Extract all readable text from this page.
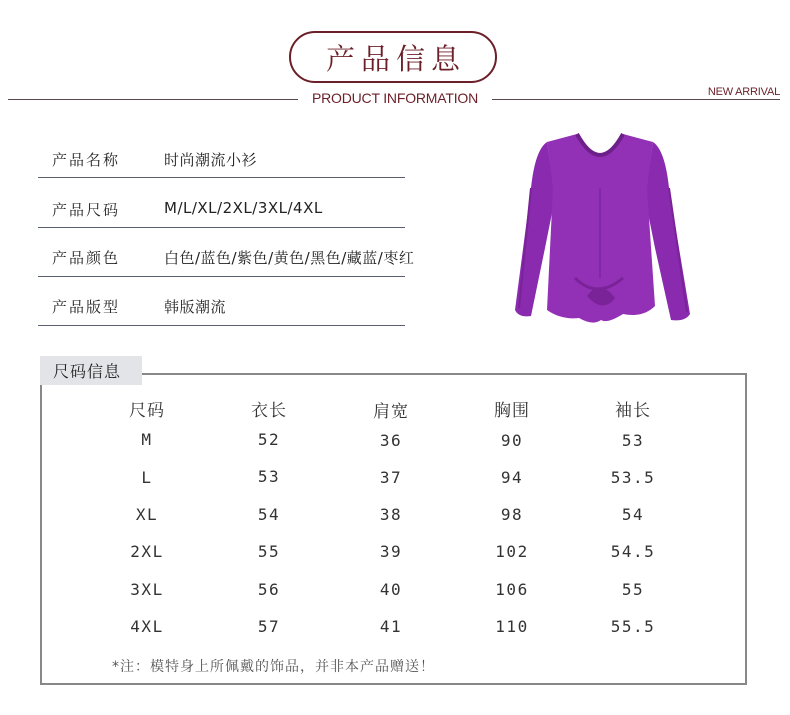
产品信息
PRODUCT INFORMATION	NEW ARRIVAL
产品名称	时尚潮流小衫
产品尺码	M/L/XL/2XL/3XL/4XL
产品颜色	白色/蓝色/紫色/黄色/黑色/藏蓝/枣红
产品版型	韩版潮流
尺码信息
尺码	衣长	肩宽	胸围	袖长
M	52	36	90	53
L	53	37	94	53.5
XL	54	38	98	54
2XL	55	39	102	54.5
3XL	56	40	106	55
4XL	57	41	110	55.5
*注：模特身上所佩戴的饰品，并非本产品赠送！
